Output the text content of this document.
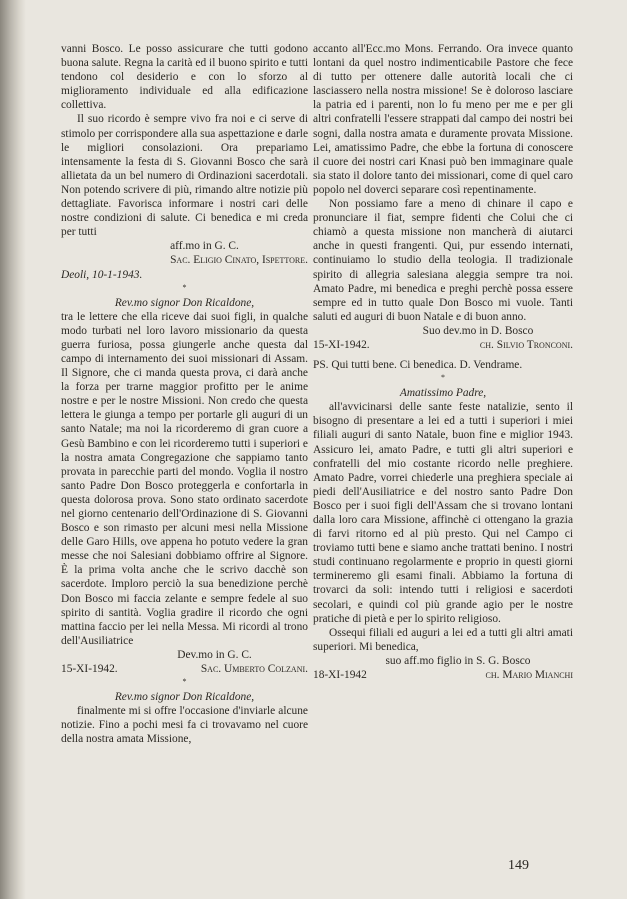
vanni Bosco. Le posso assicurare che tutti godono buona salute. Regna la carità ed il buono spirito e tutti tendono col desiderio e con lo sforzo al miglioramento individuale ed alla edificazione collettiva.

Il suo ricordo è sempre vivo fra noi e ci serve di stimolo per corrispondere alla sua aspettazione e darle le migliori consolazioni. Ora prepariamo intensamente la festa di S. Giovanni Bosco che sarà allietata da un bel numero di Ordinazioni sacerdotali. Non potendo scrivere di più, rimando altre notizie più dettagliate. Favorisca informare i nostri cari delle nostre condizioni di salute. Ci benedica e mi creda per tutti

aff.mo in G. C.

Sac. Eligio Cinato, Ispettore.

Deoli, 10-1-1943.

*

Rev.mo signor Don Ricaldone,

tra le lettere che ella riceve dai suoi figli, in qualche modo turbati nel loro lavoro missionario da questa guerra furiosa, possa giungerle anche questa dal campo di internamento dei suoi missionari di Assam. Il Signore, che ci manda questa prova, ci darà anche la forza per trarne maggior profitto per le anime nostre e per le nostre Missioni. Non credo che questa lettera le giunga a tempo per portarle gli auguri di un santo Natale; ma noi la ricorderemo di gran cuore a Gesù Bambino e con lei ricorderemo tutti i superiori e la nostra amata Congregazione che sappiamo tanto provata in parecchie parti del mondo. Voglia il nostro santo Padre Don Bosco proteggerla e confortarla in questa dolorosa prova. Sono stato ordinato sacerdote nel giorno centenario dell'Ordinazione di S. Giovanni Bosco e son rimasto per alcuni mesi nella Missione delle Garo Hills, ove appena ho potuto vedere la gran messe che noi Salesiani dobbiamo offrire al Signore. È la prima volta anche che le scrivo dacchè son sacerdote. Imploro perciò la sua benedizione perchè Don Bosco mi faccia zelante e sempre fedele al suo spirito di santità. Voglia gradire il ricordo che ogni mattina faccio per lei nella Messa. Mi ricordi al trono dell'Ausiliatrice

Dev.mo in G. C.

15-XI-1942.	Sac. Umberto Colzani.
*

Rev.mo signor Don Ricaldone,

finalmente mi si offre l'occasione d'inviarle alcune notizie. Fino a pochi mesi fa ci trovavamo nel cuore della nostra amata Missione,

accanto all'Ecc.mo Mons. Ferrando. Ora invece quanto lontani da quel nostro indimenticabile Pastore che fece di tutto per ottenere dalle autorità locali che ci lasciassero nella nostra missione! Se è doloroso lasciare la patria ed i parenti, non lo fu meno per me e per gli altri confratelli l'essere strappati dal campo dei nostri bei sogni, dalla nostra amata e duramente provata Missione. Lei, amatissimo Padre, che ebbe la fortuna di conoscere il cuore dei nostri cari Knasi può ben immaginare quale sia stato il dolore tanto dei missionari, come di quel caro popolo nel doverci separare così repentinamente.

Non possiamo fare a meno di chinare il capo e pronunciare il fiat, sempre fidenti che Colui che ci chiamò a questa missione non mancherà di aiutarci anche in questi frangenti. Qui, pur essendo internati, continuiamo lo studio della teologia. Il tradizionale spirito di allegria salesiana aleggia sempre tra noi. Amato Padre, mi benedica e preghi perchè possa essere sempre ed in tutto quale Don Bosco mi vuole. Tanti saluti ed auguri di buon Natale e di buon anno.

Suo dev.mo in D. Bosco

15-XI-1942.	ch. Silvio Tronconi.

PS. Qui tutti bene. Ci benedica. D. Vendrame.

*

Amatissimo Padre,

all'avvicinarsi delle sante feste natalizie, sento il bisogno di presentare a lei ed a tutti i superiori i miei filiali auguri di santo Natale, buon fine e miglior 1943. Assicuro lei, amato Padre, e tutti gli altri superiori e confratelli del mio costante ricordo nelle preghiere. Amato Padre, vorrei chiederle una preghiera speciale ai piedi dell'Ausiliatrice e del nostro santo Padre Don Bosco per i suoi figli dell'Assam che si trovano lontani dalla loro cara Missione, affinchè ci ottengano la grazia di farvi ritorno ed al più presto. Qui nel Campo ci troviamo tutti bene e siamo anche trattati benino. I nostri studi continuano regolarmente e proprio in questi giorni termineremo gli esami finali. Abbiamo la fortuna di trovarci da soli: intendo tutti i religiosi e sacerdoti secolari, e quindi col più grande agio per le nostre pratiche di pietà e per lo spirito religioso.

Ossequi filiali ed auguri a lei ed a tutti gli altri amati superiori. Mi benedica,

suo aff.mo figlio in S. G. Bosco

18-XI-1942	ch. Mario Mianchi
149
